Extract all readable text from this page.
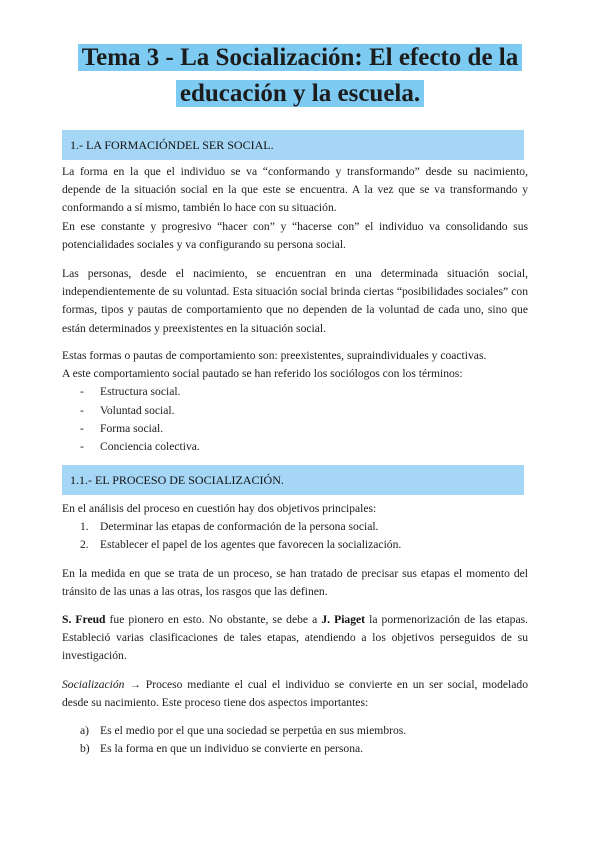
Tema 3 - La Socialización: El efecto de la
educación y la escuela.
1.- LA FORMACIÓNDEL SER SOCIAL.

La forma en la que el individuo se va “conformando y transformando” desde su nacimiento, depende de la situación social en la que este se encuentra. A la vez que se va transformando y conformando a sí mismo, también lo hace con su situación.

En ese constante y progresivo “hacer con” y “hacerse con” el individuo va consolidando sus potencialidades sociales y va configurando su persona social.

Las personas, desde el nacimiento, se encuentran en una determinada situación social, independientemente de su voluntad. Esta situación social brinda ciertas “posibilidades sociales” con formas, tipos y pautas de comportamiento que no dependen de la voluntad de cada uno, sino que están determinados y preexistentes en la situación social.

Estas formas o pautas de comportamiento son: preexistentes, supraindividuales y coactivas.

A este comportamiento social pautado se han referido los sociólogos con los términos:

- Estructura social.
- Voluntad social.
- Forma social.
- Conciencia colectiva.
1.1.- EL PROCESO DE SOCIALIZACIÓN.

En el análisis del proceso en cuestión hay dos objetivos principales:

1. Determinar las etapas de conformación de la persona social.
2. Establecer el papel de los agentes que favorecen la socialización.

En la medida en que se trata de un proceso, se han tratado de precisar sus etapas el momento del tránsito de las unas a las otras, los rasgos que las definen.

S. Freud fue pionero en esto. No obstante, se debe a J. Piaget la pormenorización de las etapas. Estableció varias clasificaciones de tales etapas, atendiendo a los objetivos perseguidos de su investigación.

Socialización → Proceso mediante el cual el individuo se convierte en un ser social, modelado desde su nacimiento. Este proceso tiene dos aspectos importantes:

a) Es el medio por el que una sociedad se perpetúa en sus miembros.
b) Es la forma en que un individuo se convierte en persona.
